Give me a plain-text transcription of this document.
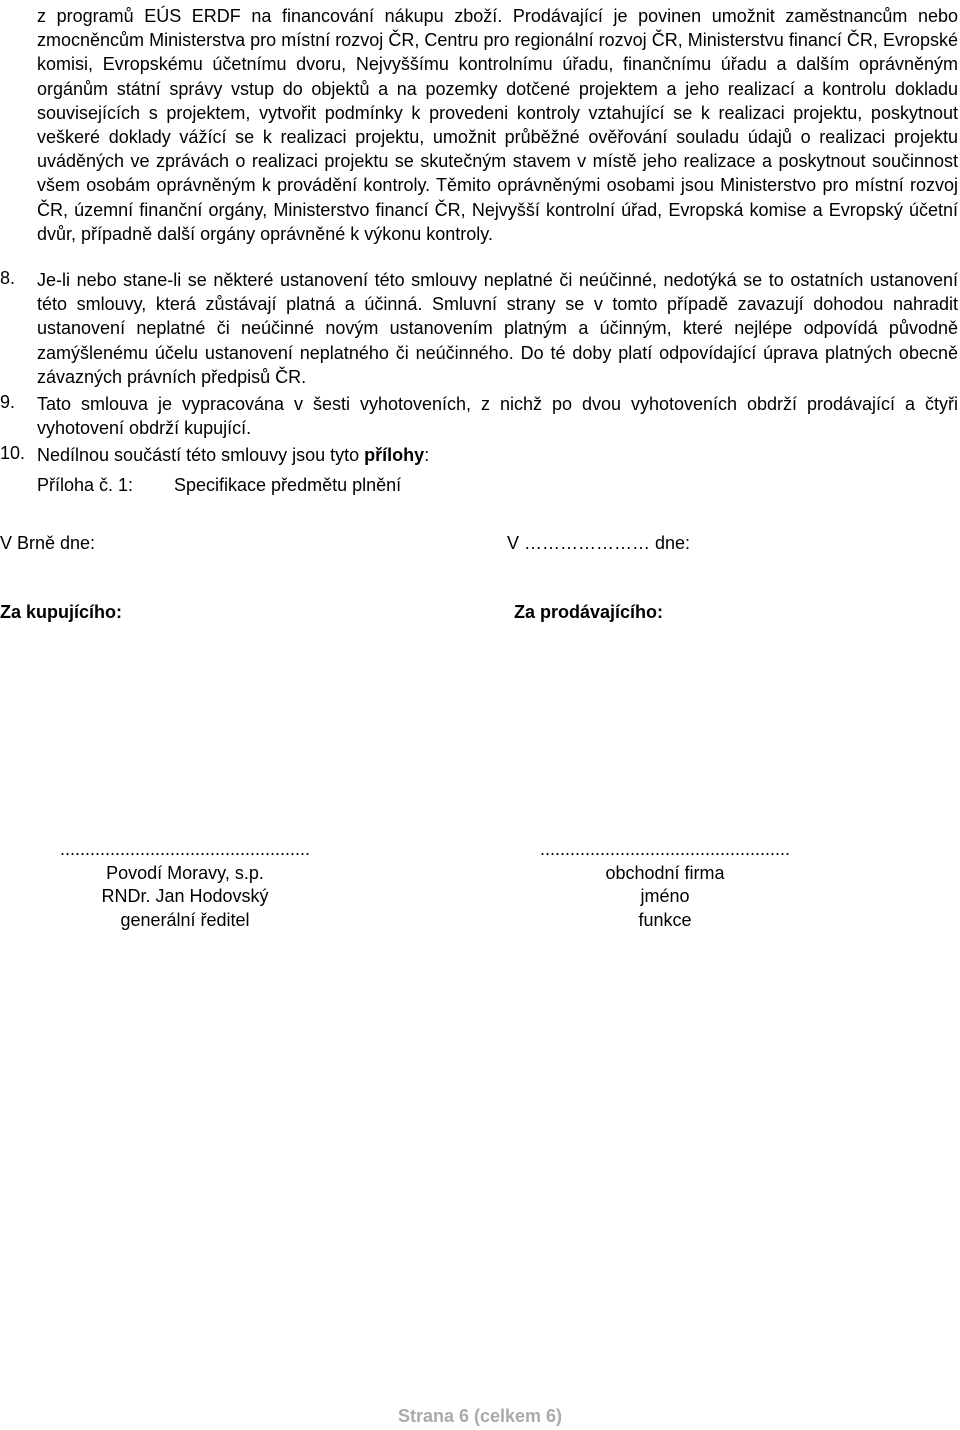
z programů EÚS ERDF na financování nákupu zboží. Prodávající je povinen umožnit zaměstnancům nebo zmocněncům Ministerstva pro místní rozvoj ČR, Centru pro regionální rozvoj ČR, Ministerstvu financí ČR, Evropské komisi, Evropskému účetnímu dvoru, Nejvyššímu kontrolnímu úřadu, finančnímu úřadu a dalším oprávněným orgánům státní správy vstup do objektů a na pozemky dotčené projektem a jeho realizací a kontrolu dokladu souvisejících s projektem, vytvořit podmínky k provedeni kontroly vztahující se k realizaci projektu, poskytnout veškeré doklady vážící se k realizaci projektu, umožnit průběžné ověřování souladu údajů o realizaci projektu uváděných ve zprávách o realizaci projektu se skutečným stavem v místě jeho realizace a poskytnout součinnost všem osobám oprávněným k provádění kontroly. Těmito oprávněnými osobami jsou Ministerstvo pro místní rozvoj ČR, územní finanční orgány, Ministerstvo financí ČR, Nejvyšší kontrolní úřad, Evropská komise a Evropský účetní dvůr, případně další orgány oprávněné k výkonu kontroly.

8. Je-li nebo stane-li se některé ustanovení této smlouvy neplatné či neúčinné, nedotýká se to ostatních ustanovení této smlouvy, která zůstávají platná a účinná. Smluvní strany se v tomto případě zavazují dohodou nahradit ustanovení neplatné či neúčinné novým ustanovením platným a účinným, které nejlépe odpovídá původně zamýšlenému účelu ustanovení neplatného či neúčinného. Do té doby platí odpovídající úprava platných obecně závazných právních předpisů ČR.

9. Tato smlouva je vypracována v šesti vyhotoveních, z nichž po dvou vyhotoveních obdrží prodávající a čtyři vyhotovení obdrží kupující.

10. Nedílnou součástí této smlouvy jsou tyto přílohy:

Příloha č. 1: Specifikace předmětu plnění
V Brně dne:	V ………………… dne:
Za kupujícího:	Za prodávajícího:
..................................................
Povodí Moravy, s.p.
RNDr. Jan Hodovský
generální ředitel
..................................................
obchodní firma
jméno
funkce
Strana 6 (celkem 6)
